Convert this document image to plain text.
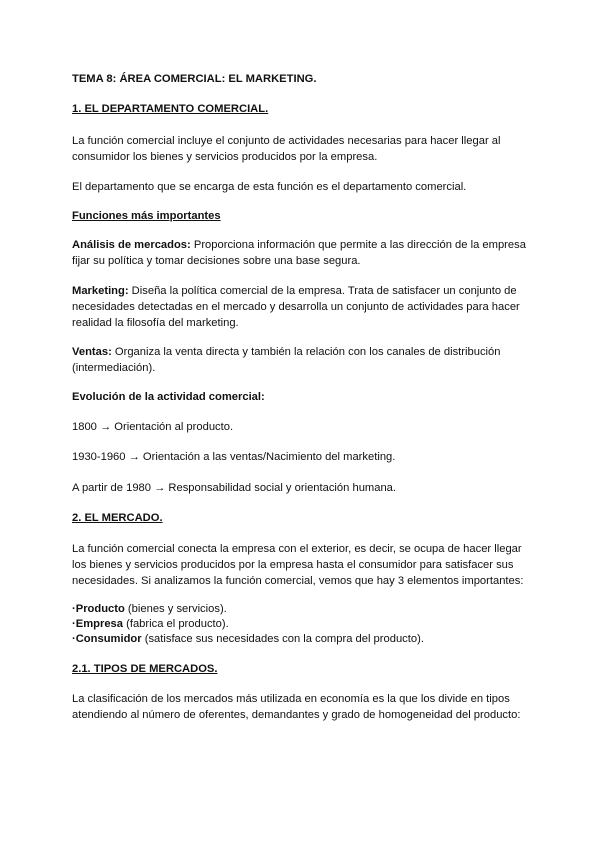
TEMA 8: ÁREA COMERCIAL: EL MARKETING.
1. EL DEPARTAMENTO COMERCIAL.
La función comercial incluye el conjunto de actividades necesarias para hacer llegar al
consumidor los bienes y servicios producidos por la empresa.
El departamento que se encarga de esta función es el departamento comercial.
Funciones más importantes
Análisis de mercados: Proporciona información que permite a las dirección de la empresa
fijar su política y tomar decisiones sobre una base segura.
Marketing: Diseña la política comercial de la empresa. Trata de satisfacer un conjunto de
necesidades detectadas en el mercado y desarrolla un conjunto de actividades para hacer
realidad la filosofía del marketing.
Ventas: Organiza la venta directa y también la relación con los canales de distribución
(intermediación).
Evolución de la actividad comercial:
1800 → Orientación al producto.
1930-1960 → Orientación a las ventas/Nacimiento del marketing.
A partir de 1980 → Responsabilidad social y orientación humana.
2. EL MERCADO.
La función comercial conecta la empresa con el exterior, es decir, se ocupa de hacer llegar
los bienes y servicios producidos por la empresa hasta el consumidor para satisfacer sus
necesidades. Si analizamos la función comercial, vemos que hay 3 elementos importantes:
·Producto (bienes y servicios).
·Empresa (fabrica el producto).
·Consumidor (satisface sus necesidades con la compra del producto).
2.1. TIPOS DE MERCADOS.
La clasificación de los mercados más utilizada en economía es la que los divide en tipos
atendiendo al número de oferentes, demandantes y grado de homogeneidad del producto:
